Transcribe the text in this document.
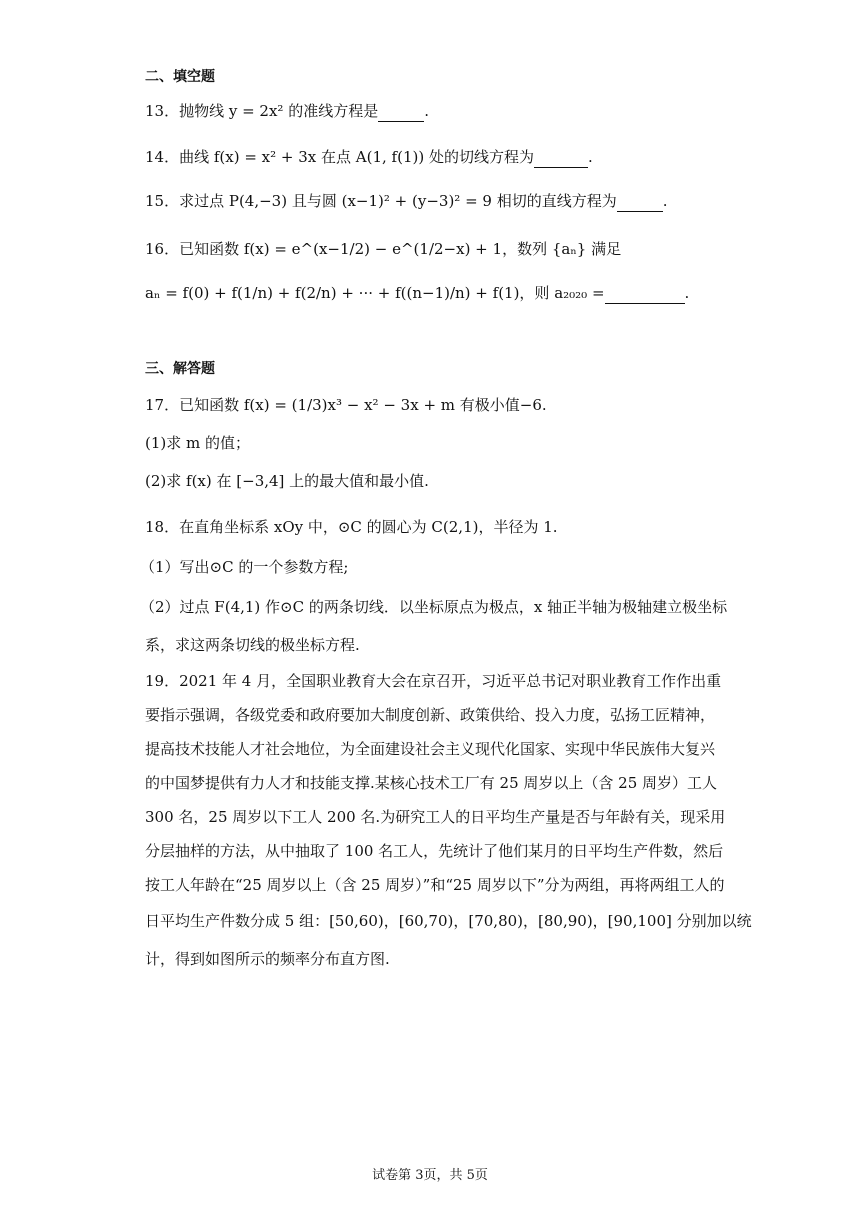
二、填空题
13．抛物线 y = 2x² 的准线方程是	.
14．曲线 f(x) = x² + 3x 在点 A(1, f(1)) 处的切线方程为	.
15．求过点 P(4,−3) 且与圆 (x−1)² + (y−3)² = 9 相切的直线方程为	.
16．已知函数 f(x) = e^(x−1/2) − e^(1/2−x) + 1，数列 {aₙ} 满足
aₙ = f(0) + f(1/n) + f(2/n) + ··· + f((n−1)/n) + f(1)，则 a₂₀₂₀ =	.
三、解答题
17．已知函数 f(x) = (1/3)x³ − x² − 3x + m 有极小值−6.
(1)求 m 的值；
(2)求 f(x) 在 [−3,4] 上的最大值和最小值.
18．在直角坐标系 xOy 中，⊙C 的圆心为 C(2,1)，半径为 1.
（1）写出⊙C 的一个参数方程;
（2）过点 F(4,1) 作⊙C 的两条切线．以坐标原点为极点，x 轴正半轴为极轴建立极坐标
系，求这两条切线的极坐标方程.
19．2021 年 4 月，全国职业教育大会在京召开，习近平总书记对职业教育工作作出重
要指示强调，各级党委和政府要加大制度创新、政策供给、投入力度，弘扬工匠精神，
提高技术技能人才社会地位，为全面建设社会主义现代化国家、实现中华民族伟大复兴
的中国梦提供有力人才和技能支撑.某核心技术工厂有 25 周岁以上（含 25 周岁）工人
300 名，25 周岁以下工人 200 名.为研究工人的日平均生产量是否与年龄有关，现采用
分层抽样的方法，从中抽取了 100 名工人，先统计了他们某月的日平均生产件数，然后
按工人年龄在“25 周岁以上（含 25 周岁）”和“25 周岁以下”分为两组，再将两组工人的
日平均生产件数分成 5 组：[50,60)，[60,70)，[70,80)，[80,90)，[90,100] 分别加以统
计，得到如图所示的频率分布直方图.
试卷第 3页，共 5页
